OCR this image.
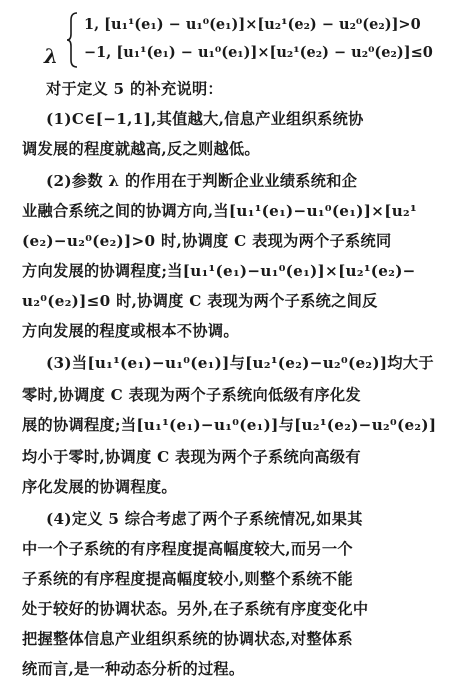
λ
1, [u₁¹(e₁) − u₁⁰(e₁)]×[u₂¹(e₂) − u₂⁰(e₂)]>0
−1, [u₁¹(e₁) − u₁⁰(e₁)]×[u₂¹(e₂) − u₂⁰(e₂)]≤0
对于定义 5 的补充说明：
(1)C∈[−1,1],其值越大,信息产业组织系统协
调发展的程度就越高,反之则越低。
(2)参数 λ 的作用在于判断企业业绩系统和企
业融合系统之间的协调方向,当[u₁¹(e₁)−u₁⁰(e₁)]×[u₂¹
(e₂)−u₂⁰(e₂)]>0 时,协调度 C 表现为两个子系统同
方向发展的协调程度;当[u₁¹(e₁)−u₁⁰(e₁)]×[u₂¹(e₂)−
u₂⁰(e₂)]≤0 时,协调度 C 表现为两个子系统之间反
方向发展的程度或根本不协调。
(3)当[u₁¹(e₁)−u₁⁰(e₁)]与[u₂¹(e₂)−u₂⁰(e₂)]均大于
零时,协调度 C 表现为两个子系统向低级有序化发
展的协调程度;当[u₁¹(e₁)−u₁⁰(e₁)]与[u₂¹(e₂)−u₂⁰(e₂)]
均小于零时,协调度 C 表现为两个子系统向高级有
序化发展的协调程度。
(4)定义 5 综合考虑了两个子系统情况,如果其
中一个子系统的有序程度提高幅度较大,而另一个
子系统的有序程度提高幅度较小,则整个系统不能
处于较好的协调状态。另外,在子系统有序度变化中
把握整体信息产业组织系统的协调状态,对整体系
统而言,是一种动态分析的过程。
